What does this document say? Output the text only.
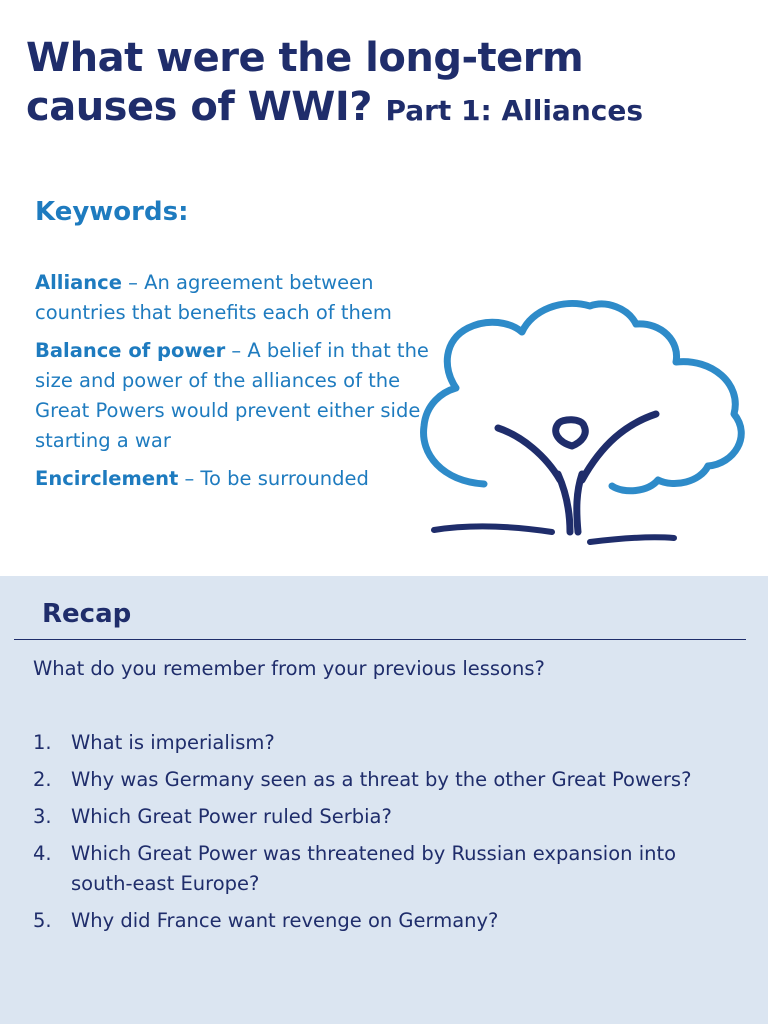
What were the long-term causes of WWI? Part 1: Alliances
Keywords:

Alliance – An agreement between countries that benefits each of them

Balance of power – A belief in that the size and power of the alliances of the Great Powers would prevent either side starting a war

Encirclement – To be surrounded

Recap

What do you remember from your previous lessons?

1. What is imperialism?
2. Why was Germany seen as a threat by the other Great Powers?
3. Which Great Power ruled Serbia?
4. Which Great Power was threatened by Russian expansion into south-east Europe?
5. Why did France want revenge on Germany?
